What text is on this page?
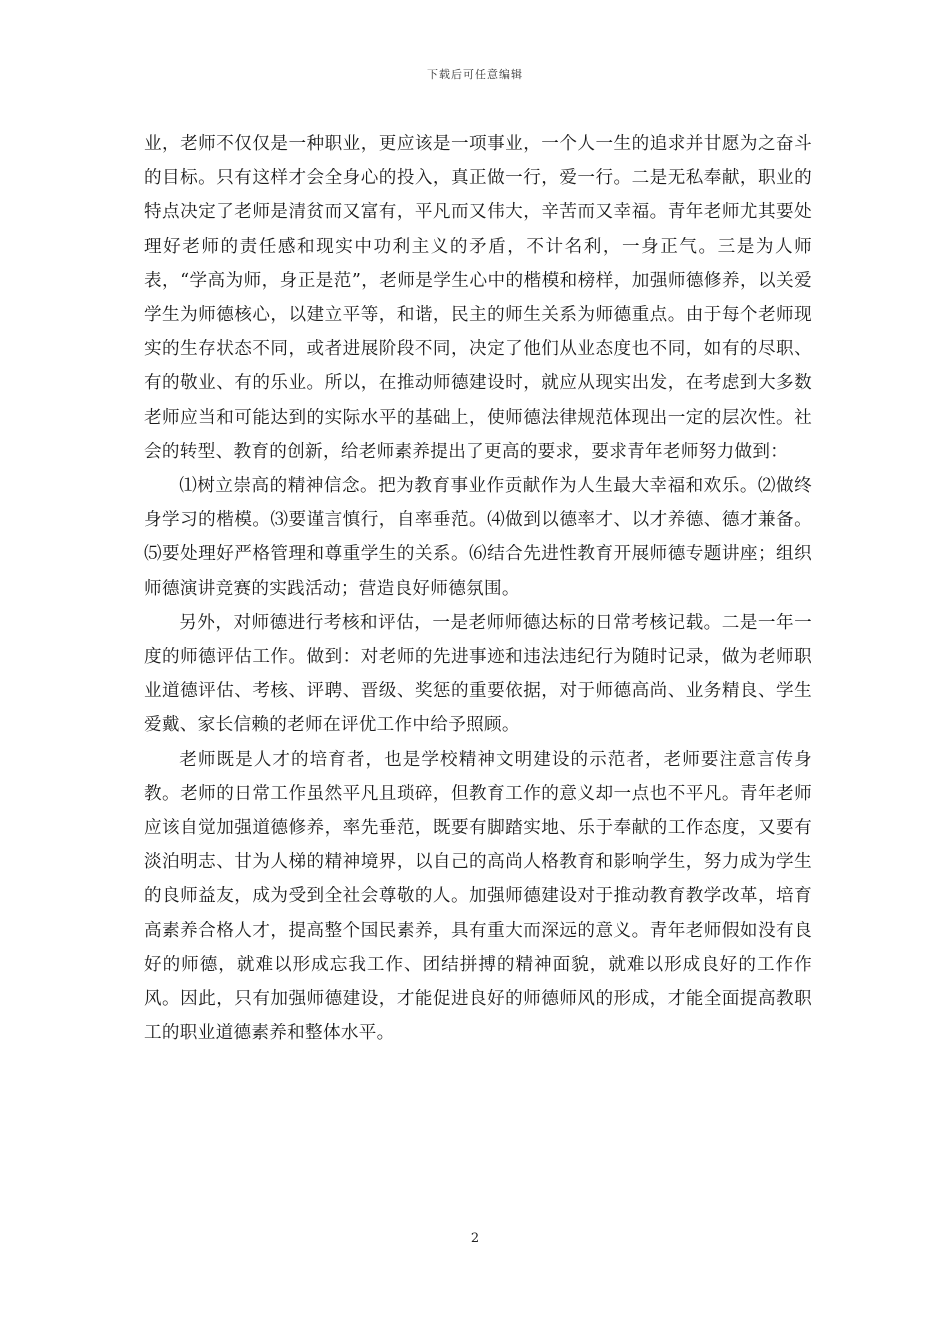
下载后可任意编辑

业，老师不仅仅是一种职业，更应该是一项事业，一个人一生的追求并甘愿为之奋斗的目标。只有这样才会全身心的投入，真正做一行，爱一行。二是无私奉献，职业的特点决定了老师是清贫而又富有，平凡而又伟大，辛苦而又幸福。青年老师尤其要处理好老师的责任感和现实中功利主义的矛盾，不计名利，一身正气。三是为人师表，“学高为师，身正是范”，老师是学生心中的楷模和榜样，加强师德修养，以关爱学生为师德核心，以建立平等，和谐，民主的师生关系为师德重点。由于每个老师现实的生存状态不同，或者进展阶段不同，决定了他们从业态度也不同，如有的尽职、有的敬业、有的乐业。所以，在推动师德建设时，就应从现实出发，在考虑到大多数老师应当和可能达到的实际水平的基础上，使师德法律规范体现出一定的层次性。社会的转型、教育的创新，给老师素养提出了更高的要求，要求青年老师努力做到：

⑴树立崇高的精神信念。把为教育事业作贡献作为人生最大幸福和欢乐。⑵做终身学习的楷模。⑶要谨言慎行，自率垂范。⑷做到以德率才、以才养德、德才兼备。⑸要处理好严格管理和尊重学生的关系。⑹结合先进性教育开展师德专题讲座；组织师德演讲竞赛的实践活动；营造良好师德氛围。

另外，对师德进行考核和评估，一是老师师德达标的日常考核记载。二是一年一度的师德评估工作。做到：对老师的先进事迹和违法违纪行为随时记录，做为老师职业道德评估、考核、评聘、晋级、奖惩的重要依据，对于师德高尚、业务精良、学生爱戴、家长信赖的老师在评优工作中给予照顾。

老师既是人才的培育者，也是学校精神文明建设的示范者，老师要注意言传身教。老师的日常工作虽然平凡且琐碎，但教育工作的意义却一点也不平凡。青年老师应该自觉加强道德修养，率先垂范，既要有脚踏实地、乐于奉献的工作态度，又要有淡泊明志、甘为人梯的精神境界，以自己的高尚人格教育和影响学生，努力成为学生的良师益友，成为受到全社会尊敬的人。加强师德建设对于推动教育教学改革，培育高素养合格人才，提高整个国民素养，具有重大而深远的意义。青年老师假如没有良好的师德，就难以形成忘我工作、团结拼搏的精神面貌，就难以形成良好的工作作风。因此，只有加强师德建设，才能促进良好的师德师风的形成，才能全面提高教职工的职业道德素养和整体水平。

2
